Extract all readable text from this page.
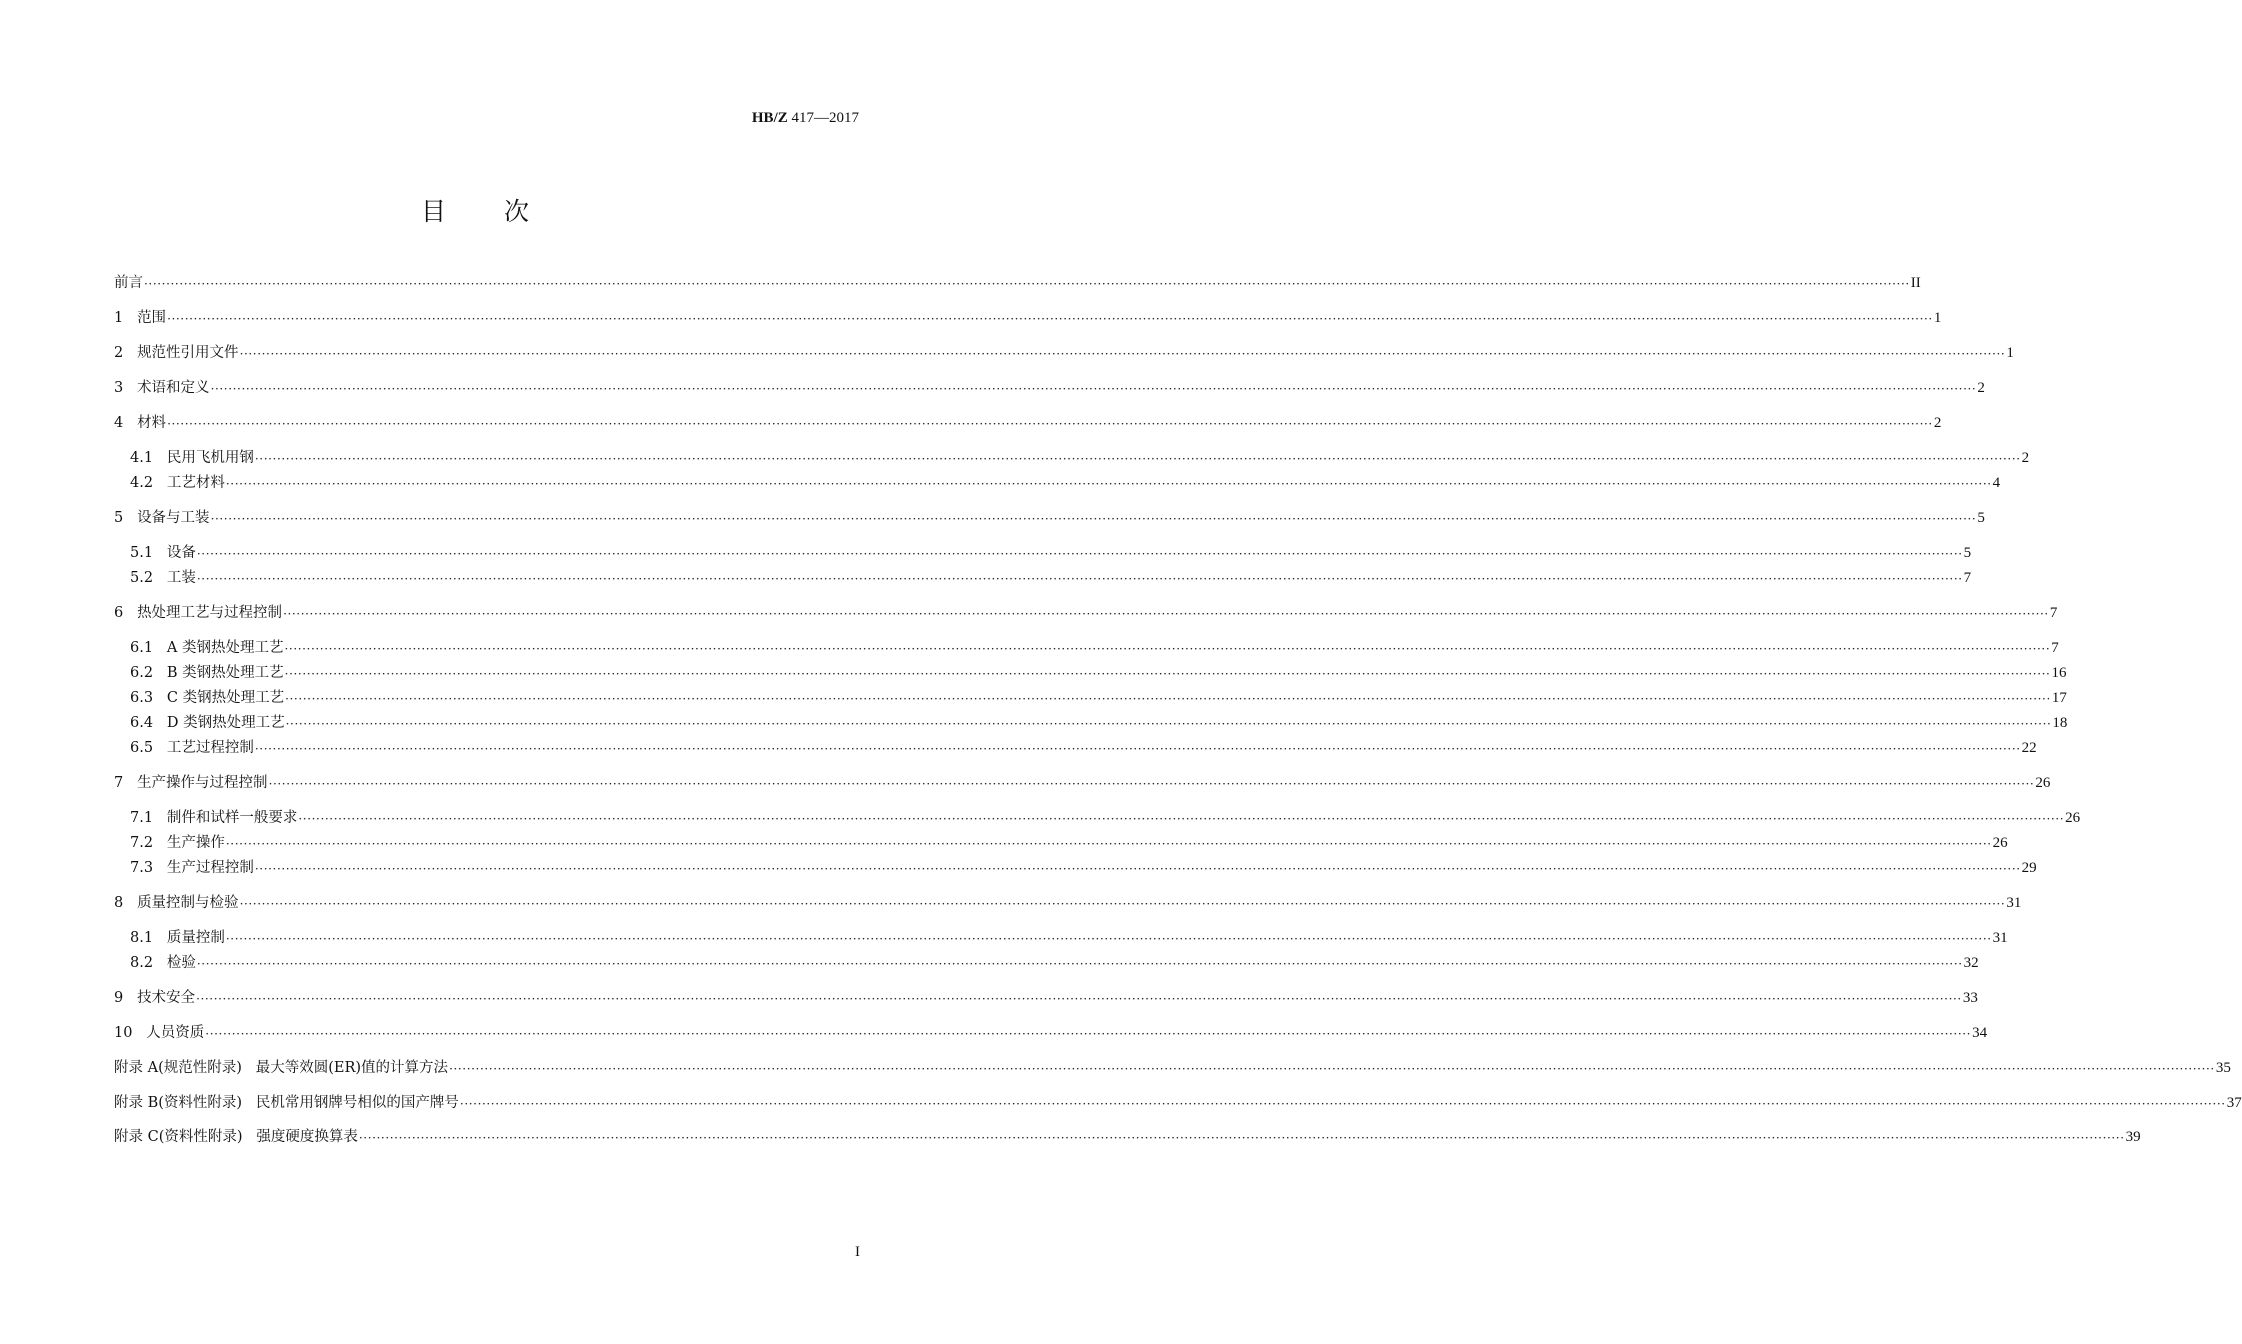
HB/Z 417—2017
目 次
前言 ················································································································································································································································································································································································································ II
1 范围 ················································································································································································································································································································································································································ 1
2 规范性引用文件 ················································································································································································································································································································································································································ 1
3 术语和定义 ················································································································································································································································································································································································································ 2
4 材料 ················································································································································································································································································································································································································ 2
4.1 民用飞机用钢 ················································································································································································································································································································································································································ 2
4.2 工艺材料 ················································································································································································································································································································································································································ 4
5 设备与工装 ················································································································································································································································································································································································································ 5
5.1 设备 ················································································································································································································································································································································································································ 5
5.2 工装 ················································································································································································································································································································································································································ 7
6 热处理工艺与过程控制 ················································································································································································································································································································································································································ 7
6.1 A 类钢热处理工艺 ················································································································································································································································································································································································································ 7
6.2 B 类钢热处理工艺 ················································································································································································································································································································································································································ 16
6.3 C 类钢热处理工艺 ················································································································································································································································································································································································································ 17
6.4 D 类钢热处理工艺 ················································································································································································································································································································································································································ 18
6.5 工艺过程控制 ················································································································································································································································································································································································································ 22
7 生产操作与过程控制 ················································································································································································································································································································································································································ 26
7.1 制件和试样一般要求 ················································································································································································································································································································································································································ 26
7.2 生产操作 ················································································································································································································································································································································································································ 26
7.3 生产过程控制 ················································································································································································································································································································································································································ 29
8 质量控制与检验 ················································································································································································································································································································································································································ 31
8.1 质量控制 ················································································································································································································································································································································································································ 31
8.2 检验 ················································································································································································································································································································································································································ 32
9 技术安全 ················································································································································································································································································································································································································ 33
10 人员资质 ················································································································································································································································································································································································································ 34
附录 A(规范性附录) 最大等效圆(ER)值的计算方法 ················································································································································································································································································································································································································ 35
附录 B(资料性附录) 民机常用钢牌号相似的国产牌号 ················································································································································································································································································································································································································ 37
附录 C(资料性附录) 强度硬度换算表 ················································································································································································································································································································································································································ 39
I
